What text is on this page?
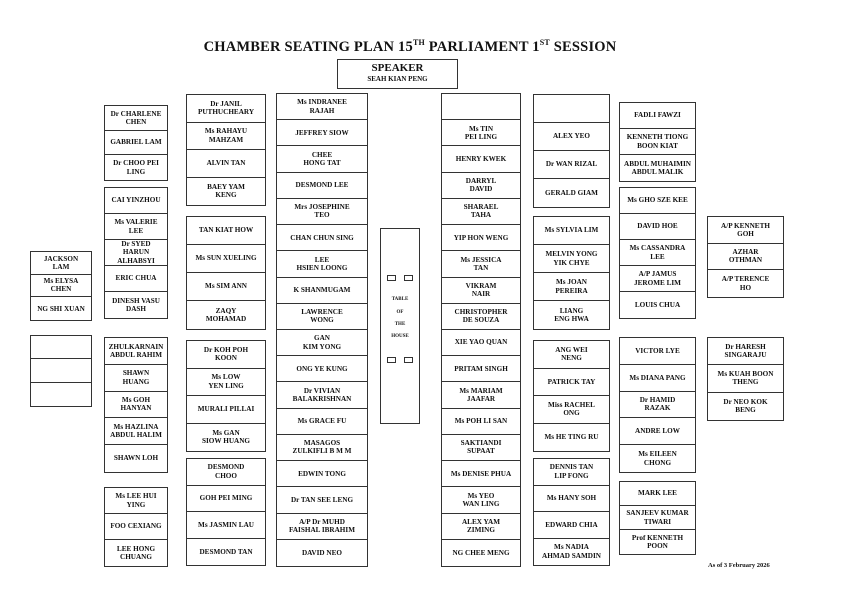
CHAMBER SEATING PLAN 15TH PARLIAMENT 1ST SESSION
SPEAKER
SEAH KIAN PENG
JACKSON
LAM
Ms ELYSA
CHEN
NG SHI XUAN
Dr CHARLENE
CHEN
GABRIEL LAM
Dr CHOO PEI
LING
CAI YINZHOU
Ms VALERIE
LEE
Dr SYED HARUN
ALHABSYI
ERIC CHUA
DINESH VASU
DASH
ZHULKARNAIN
ABDUL RAHIM
SHAWN
HUANG
Ms GOH
HANYAN
Ms HAZLINA
ABDUL HALIM
SHAWN LOH
Ms LEE HUI
YING
FOO CEXIANG
LEE HONG
CHUANG
Dr JANIL
PUTHUCHEARY
Ms RAHAYU
MAHZAM
ALVIN TAN
BAEY YAM
KENG
TAN KIAT HOW
Ms SUN XUELING
Ms SIM ANN
ZAQY
MOHAMAD
Dr KOH POH
KOON
Ms LOW
YEN LING
MURALI PILLAI
Ms GAN
SIOW HUANG
DESMOND
CHOO
GOH PEI MING
Ms JASMIN LAU
DESMOND TAN
Ms INDRANEE
RAJAH
JEFFREY SIOW
CHEE
HONG TAT
DESMOND LEE
Mrs JOSEPHINE
TEO
CHAN CHUN SING
LEE
HSIEN LOONG
K SHANMUGAM
LAWRENCE
WONG
GAN
KIM YONG
ONG YE KUNG
Dr VIVIAN
BALAKRISHNAN
Ms GRACE FU
MASAGOS
ZULKIFLI B M M
EDWIN TONG
Dr TAN SEE LENG
A/P Dr MUHD
FAISHAL IBRAHIM
DAVID NEO
Ms TIN
PEI LING
HENRY KWEK
DARRYL
DAVID
SHARAEL
TAHA
YIP HON WENG
Ms JESSICA
TAN
VIKRAM
NAIR
CHRISTOPHER
DE SOUZA
XIE YAO QUAN
PRITAM SINGH
Ms MARIAM
JAAFAR
Ms POH LI SAN
SAKTIANDI
SUPAAT
Ms DENISE PHUA
Ms YEO
WAN LING
ALEX YAM
ZIMING
NG CHEE MENG
ALEX YEO
Dr WAN RIZAL
GERALD GIAM
Ms SYLVIA LIM
MELVIN YONG
YIK CHYE
Ms JOAN
PEREIRA
LIANG
ENG HWA
ANG WEI
NENG
PATRICK TAY
Miss RACHEL
ONG
Ms HE TING RU
DENNIS TAN
LIP FONG
Ms HANY SOH
EDWARD CHIA
Ms NADIA
AHMAD SAMDIN
FADLI FAWZI
KENNETH TIONG
BOON KIAT
ABDUL MUHAIMIN
ABDUL MALIK
Ms GHO SZE KEE
DAVID HOE
Ms CASSANDRA
LEE
A/P JAMUS
JEROME LIM
LOUIS CHUA
VICTOR LYE
Ms DIANA PANG
Dr HAMID
RAZAK
ANDRE LOW
Ms EILEEN
CHONG
MARK LEE
SANJEEV KUMAR
TIWARI
Prof KENNETH
POON
A/P KENNETH
GOH
AZHAR
OTHMAN
A/P TERENCE
HO
Dr HARESH
SINGARAJU
Ms KUAH BOON
THENG
Dr NEO KOK
BENG
TABLE
OF
THE
HOUSE
As of 3 February 2026
